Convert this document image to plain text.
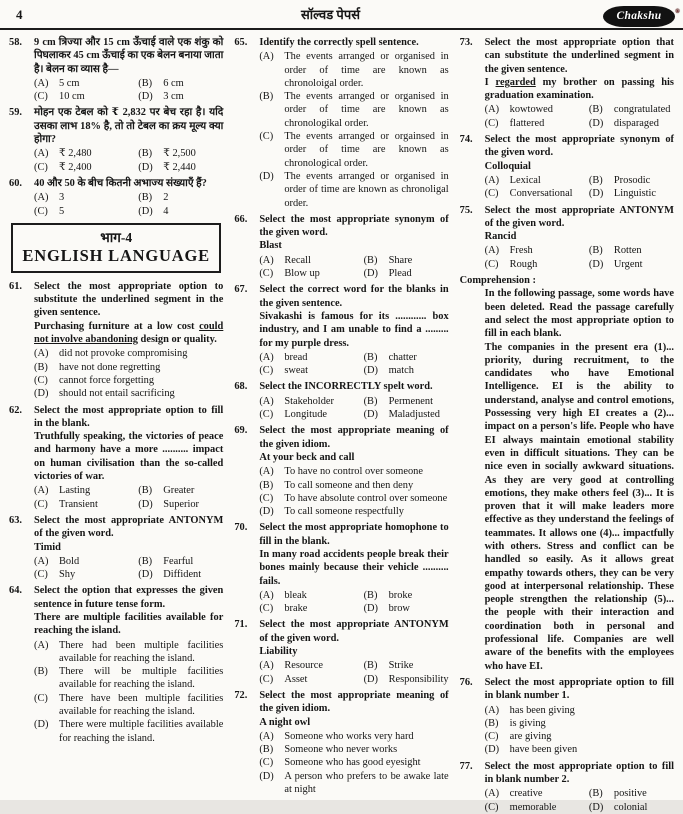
4	सॉल्वड पेपर्स	Chakshu ®
58.	9 cm त्रिज्या और 15 cm ऊँचाई वाले एक शंकु को पिघलाकर 45 cm ऊँचाई का एक बेलन बनाया जाता है। बेलन का व्यास है—
(A)	5 cm	(B)	6 cm
(C)	10 cm	(D)	3 cm
59.	मोहन एक टेबल को ₹ 2,832 पर बेच रहा है। यदि उसका लाभ 18% है, तो तो टेबल का क्रय मूल्य क्या होगा?
(A)	₹ 2,480	(B)	₹ 2,500
(C)	₹ 2,400	(D)	₹ 2,440
60.	40 और 50 के बीच कितनी अभाज्य संख्याएँ हैं?
(A)	3	(B)	2
(C)	5	(D)	4
भाग-4
ENGLISH LANGUAGE
61.	Select the most appropriate option to substitute the underlined segment in the given sentence.
Purchasing furniture at a low cost could not involve abandoning design or quality.
(A)	did not provoke compromising
(B)	have not done regretting
(C)	cannot force forgetting
(D)	should not entail sacrificing
62.	Select the most appropriate option to fill in the blank.
Truthfully speaking, the victories of peace and harmony have a more .......... impact on human civilisation than the so-called victories of war.
(A)	Lasting	(B)	Greater
(C)	Transient	(D)	Superior
63.	Select the most appropriate ANTONYM of the given word.
Timid
(A)	Bold	(B)	Fearful
(C)	Shy	(D)	Diffident
64.	Select the option that expresses the given sentence in future tense form.
There are multiple facilities available for reaching the island.
(A)	There had been multiple facilities available for reaching the island.
(B)	There will be multiple facilities available for reaching the island.
(C)	There have been multiple facilities available for reaching the island.
(D)	There were multiple facilities available for reaching the island.
65.	Identify the correctly spell sentence.
(A)	The events arranged or organised in order of time are known as chronoloigal order.
(B)	The events arranged or organised in order of time are known as chronologikal order.
(C)	The events arranged or orgainsed in order of time are known as chronological order.
(D)	The events arranged or organised in order of time are known as chronoligal order.
66.	Select the most appropriate synonym of the given word.
Blast
(A)	Recall	(B)	Share
(C)	Blow up	(D)	Plead
67.	Select the correct word for the blanks in the given sentence.
Sivakashi is famous for its ............ box industry, and I am unable to find a ......... for my purple dress.
(A)	bread	(B)	chatter
(C)	sweat	(D)	match
68.	Select the INCORRECTLY spelt word.
(A)	Stakeholder	(B)	Permenent
(C)	Longitude	(D)	Maladjusted
69.	Select the most appropriate meaning of the given idiom.
At your beck and call
(A)	To have no control over someone
(B)	To call someone and then deny
(C)	To have absolute control over someone
(D)	To call someone respectfully
70.	Select the most appropriate homophone to fill in the blank.
In many road accidents people break their bones mainly because their vehicle .......... fails.
(A)	bleak	(B)	broke
(C)	brake	(D)	brow
71.	Select the most appropriate ANTONYM of the given word.
Liability
(A)	Resource	(B)	Strike
(C)	Asset	(D)	Responsibility
72.	Select the most appropriate meaning of the given idiom.
A night owl
(A)	Someone who works very hard
(B)	Someone who never works
(C)	Someone who has good eyesight
(D)	A person who prefers to be awake late at night
73.	Select the most appropriate option that can substitute the underlined segment in the given sentence.
I regarded my brother on passing his graduation examination.
(A)	kowtowed	(B)	congratulated
(C)	flattered	(D)	disparaged
74.	Select the most appropriate synonym of the given word.
Colloquial
(A)	Lexical	(B)	Prosodic
(C)	Conversational	(D)	Linguistic
75.	Select the most appropriate ANTONYM of the given word.
Rancid
(A)	Fresh	(B)	Rotten
(C)	Rough	(D)	Urgent
Comprehension :
In the following passage, some words have been deleted. Read the passage carefully and select the most appropriate option to fill in each blank.
The companies in the present era (1)... priority, during recruitment, to the candidates who have Emotional Intelligence. EI is the ability to understand, analyse and control emotions, Possessing very high EI creates a (2)... impact on a person's life. People who have EI always maintain emotional stability even in difficult situations. They can be nice even in socially awkward situations. As they are very good at controlling emotions, they make others feel (3)... It is proven that it will make leaders more effective as they understand the feelings of teammates. It allows one (4)... impactfully with others. Stress and conflict can be handled so easily. As it allows great empathy towards others, they can be very good at interpersonal relationship. These people strengthen the relationship (5)... the people with their interaction and coordination both in personal and professional life. Companies are well aware of the benefits with the employees who have EI.
76.	Select the most appropriate option to fill in blank number 1.
(A)	has been giving
(B)	is giving
(C)	are giving
(D)	have been given
77.	Select the most appropriate option to fill in blank number 2.
(A)	creative	(B)	positive
(C)	memorable	(D)	colonial
